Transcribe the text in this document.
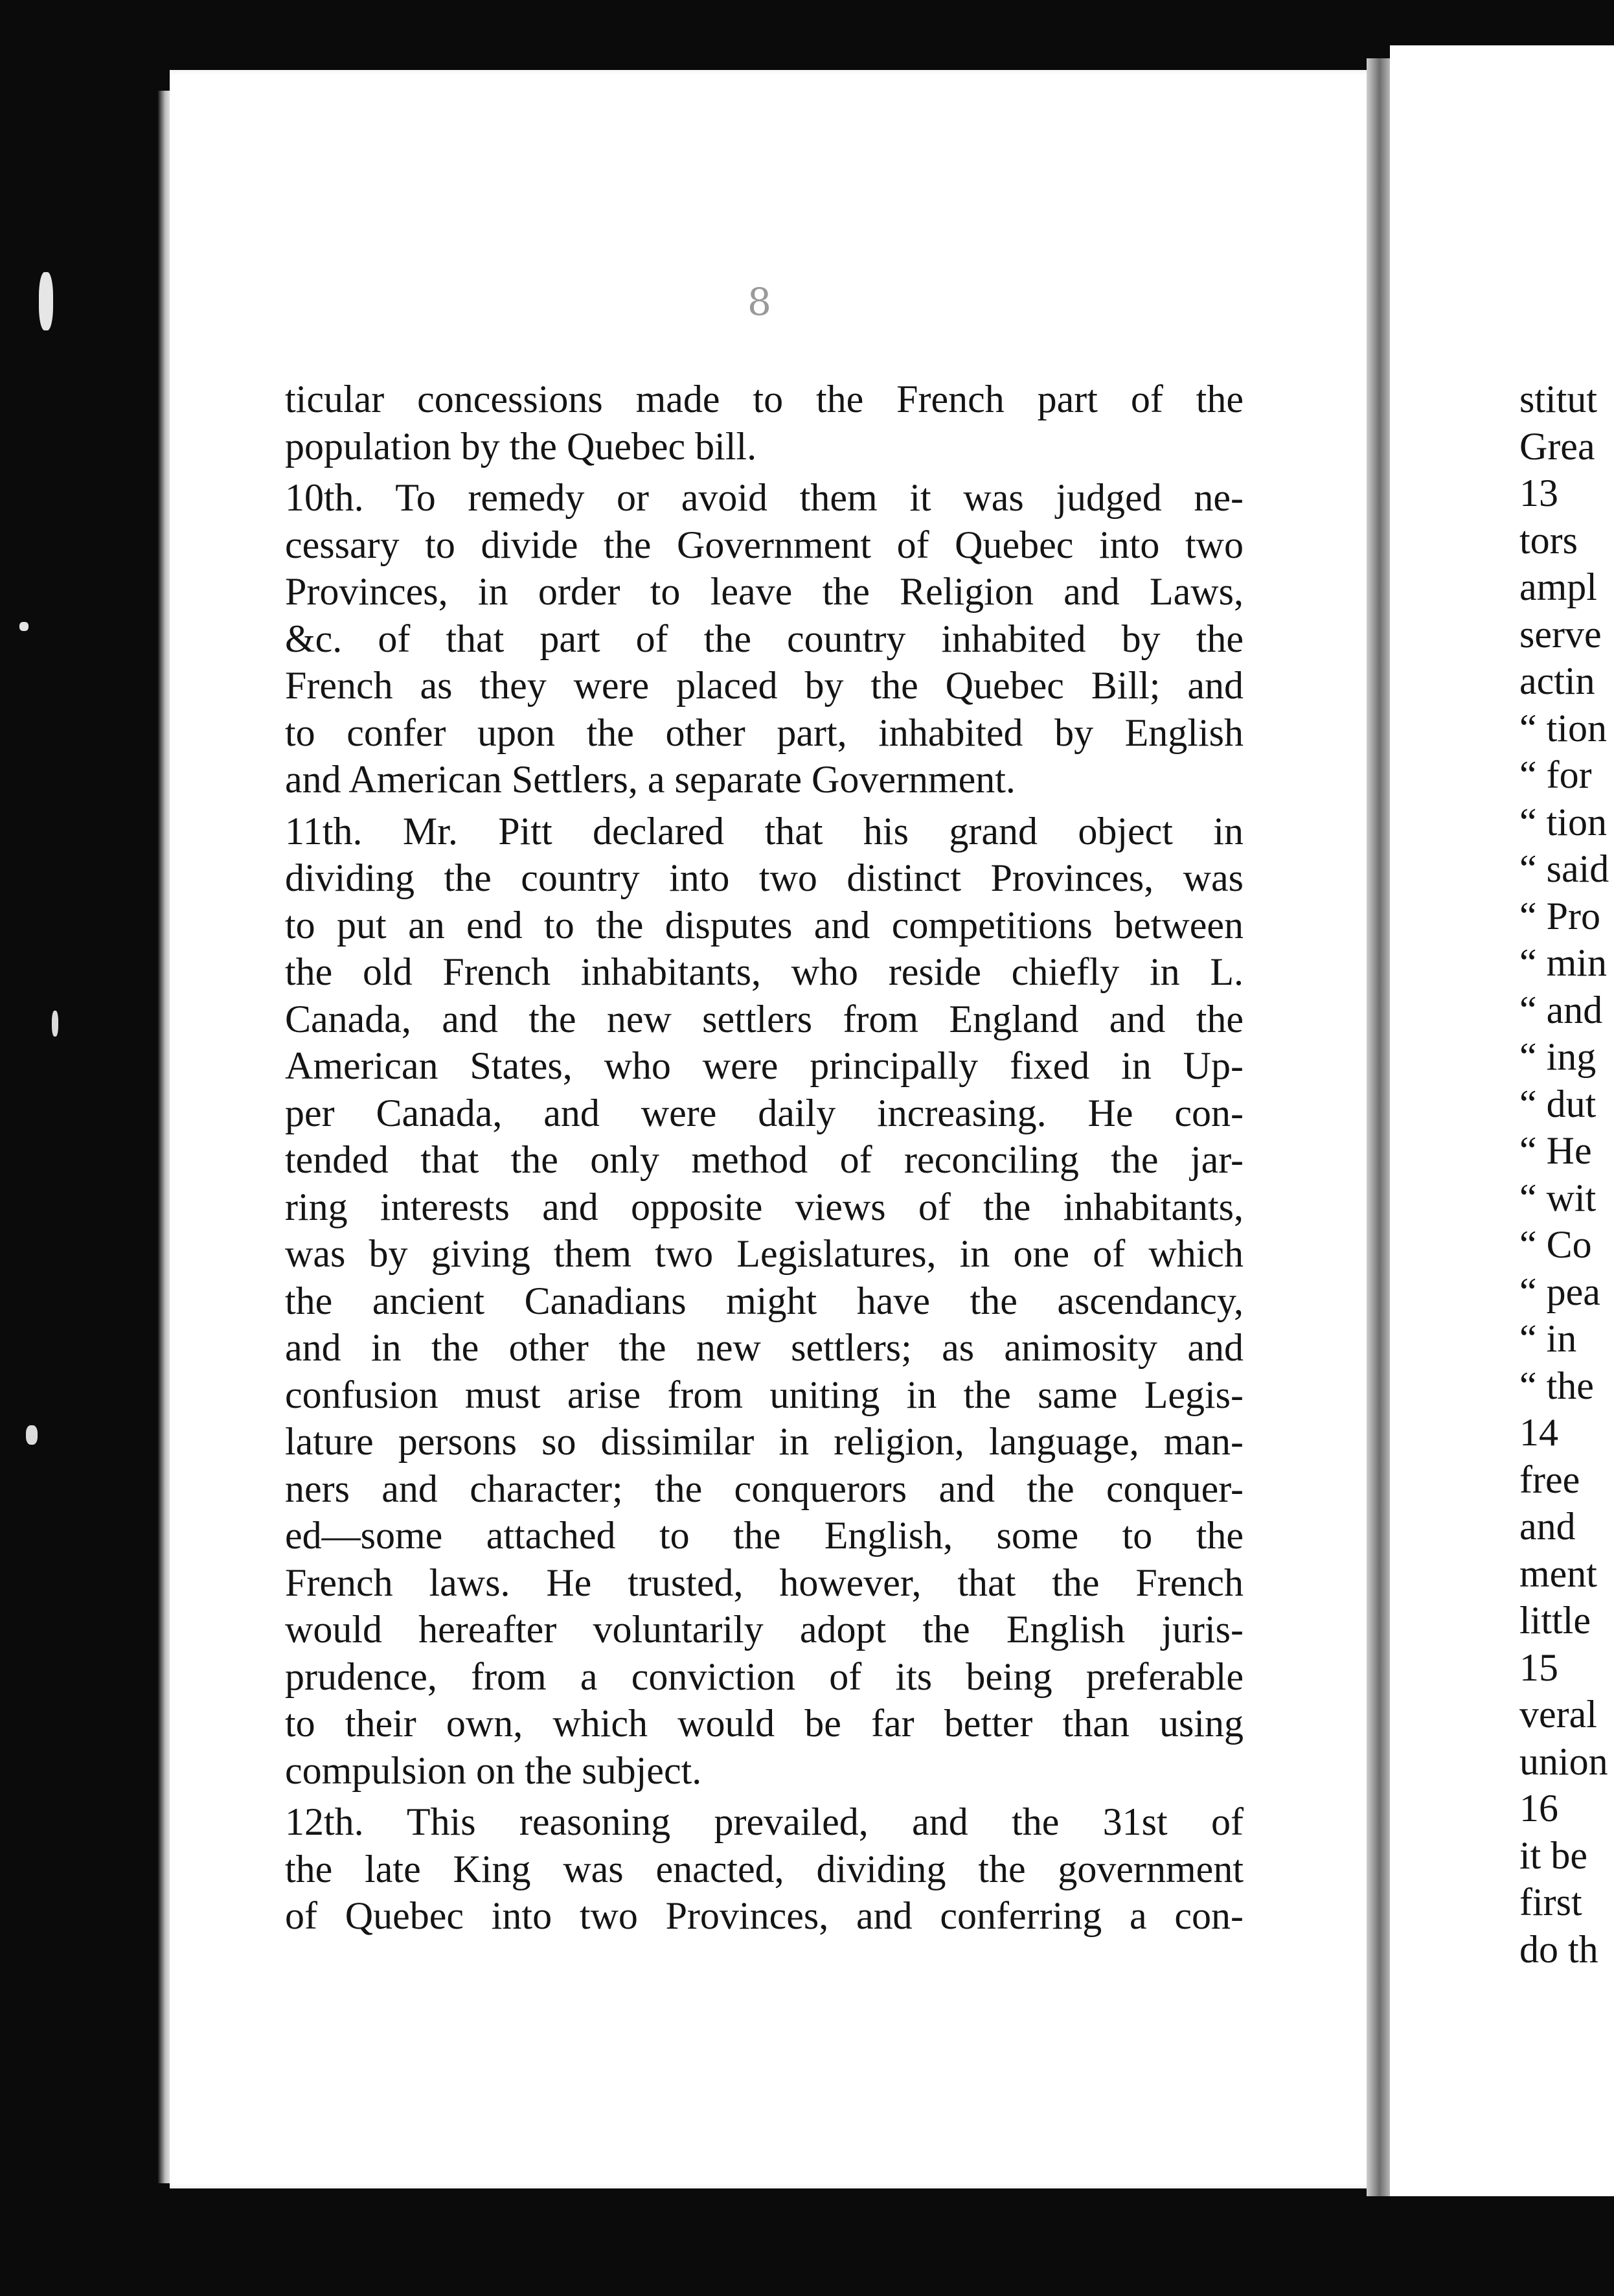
8
ticular concessions made to the French part of the
population by the Quebec bill.
10th. To remedy or avoid them it was judged ne-
cessary to divide the Government of Quebec into two
Provinces, in order to leave the Religion and Laws,
&c. of that part of the country inhabited by the
French as they were placed by the Quebec Bill; and
to confer upon the other part, inhabited by English
and American Settlers, a separate Government.
11th. Mr. Pitt declared that his grand object in
dividing the country into two distinct Provinces, was
to put an end to the disputes and competitions between
the old French inhabitants, who reside chiefly in L.
Canada, and the new settlers from England and the
American States, who were principally fixed in Up-
per Canada, and were daily increasing. He con-
tended that the only method of reconciling the jar-
ring interests and opposite views of the inhabitants,
was by giving them two Legislatures, in one of which
the ancient Canadians might have the ascendancy,
and in the other the new settlers; as animosity and
confusion must arise from uniting in the same Legis-
lature persons so dissimilar in religion, language, man-
ners and character; the conquerors and the conquer-
ed—some attached to the English, some to the
French laws. He trusted, however, that the French
would hereafter voluntarily adopt the English juris-
prudence, from a conviction of its being preferable
to their own, which would be far better than using
compulsion on the subject.
12th. This reasoning prevailed, and the 31st of
the late King was enacted, dividing the government
of Quebec into two Provinces, and conferring a con-
stitut
Grea
13
tors
ampl
serve
actin
“ tion
“ for
“ tion
“ said
“ Pro
“ min
“ and
“ ing
“ dut
“ He
“ wit
“ Co
“ pea
“ in
“ the
14
free
and
ment
little
15
veral
union
16
it be
first
do th
